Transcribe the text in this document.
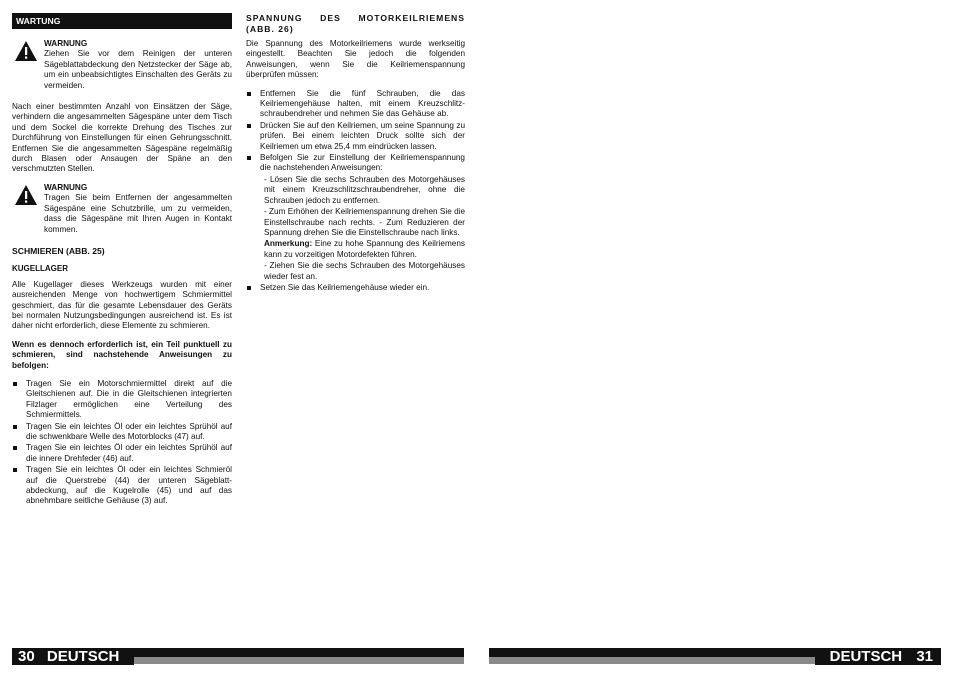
WARTUNG
WARNUNG
Ziehen Sie vor dem Reinigen der unteren Sägeblattabdeckung den Netzstecker der Säge ab, um ein unbeabsichtigtes Einschalten des Geräts zu vermeiden.

Nach einer bestimmten Anzahl von Einsätzen der Säge, verhindern die angesammelten Sägespäne unter dem Tisch und dem Sockel die korrekte Drehung des Tisches zur Durchführung von Einstellungen für einen Gehrungsschnitt. Entfernen Sie die angesammelten Sägespäne regelmäßig durch Blasen oder Ansaugen der Späne an den verschmutzten Stellen.

WARNUNG
Tragen Sie beim Entfernen der angesammelten Sägespäne eine Schutzbrille, um zu vermeiden, dass die Sägespäne mit Ihren Augen in Kontakt kommen.
SCHMIEREN (ABB. 25)
KUGELLAGER

Alle Kugellager dieses Werkzeugs wurden mit einer ausreichenden Menge von hochwertigem Schmiermittel geschmiert, das für die gesamte Lebensdauer des Geräts bei normalen Nutzungsbedingungen ausreichend ist. Es ist daher nicht erforderlich, diese Elemente zu schmieren.

Wenn es dennoch erforderlich ist, ein Teil punktuell zu schmieren, sind nachstehende Anweisungen zu befolgen:

Tragen Sie ein Motorschmiermittel direkt auf die Gleitschienen auf. Die in die Gleitschienen integrierten Filzlager ermöglichen eine Verteilung des Schmiermittels.
Tragen Sie ein leichtes Öl oder ein leichtes Sprühöl auf die schwenkbare Welle des Motorblocks (47) auf.
Tragen Sie ein leichtes Öl oder ein leichtes Sprühöl auf die innere Drehfeder (46) auf.
Tragen Sie ein leichtes Öl oder ein leichtes Schmieröl auf die Querstrebe (44) der unteren Sägeblatt-abdeckung, auf die Kugelrolle (45) und auf das abnehmbare seitliche Gehäuse (3) auf.
SPANNUNG DES MOTORKEILRIEMENS (ABB. 26)

Die Spannung des Motorkeilriemens wurde werkseitig eingestellt. Beachten Sie jedoch die folgenden Anweisungen, wenn Sie die Keilriemenspannung überprüfen müssen:

Entfernen Sie die fünf Schrauben, die das Keilriemengehäuse halten, mit einem Kreuzschlitz-schraubendreher und nehmen Sie das Gehäuse ab.
Drücken Sie auf den Keilriemen, um seine Spannung zu prüfen. Bei einem leichten Druck sollte sich der Keilriemen um etwa 25,4 mm eindrücken lassen.
Befolgen Sie zur Einstellung der Keilriemenspannung die nachstehenden Anweisungen:
- Lösen Sie die sechs Schrauben des Motorgehäuses mit einem Kreuzschlitzschraubendreher, ohne die Schrauben jedoch zu entfernen.
- Zum Erhöhen der Keilriemenspannung drehen Sie die Einstellschraube nach rechts. - Zum Reduzieren der Spannung drehen Sie die Einstellschraube nach links.
Anmerkung: Eine zu hohe Spannung des Keilriemens kann zu vorzeitigen Motordefekten führen.
- Ziehen Sie die sechs Schrauben des Motorgehäuses wieder fest an.
Setzen Sie das Keilriemengehäuse wieder ein.
30 DEUTSCH	DEUTSCH 31
